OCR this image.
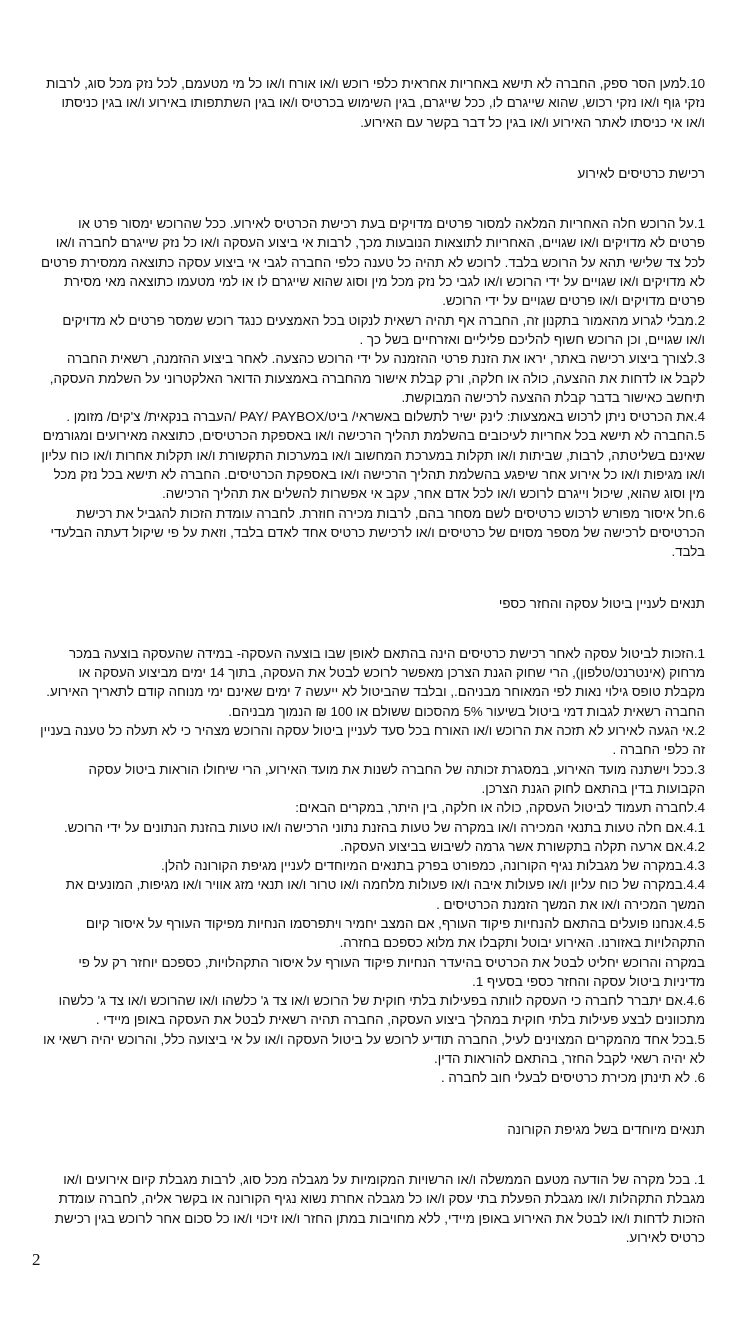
10.למען הסר ספק, החברה לא תישא באחריות אחראית כלפי רוכש ו/או אורח ו/או כל מי מטעמם, לכל נזק מכל סוג, לרבות נזקי גוף ו/או נזקי רכוש, שהוא שייגרם לו, ככל שייגרם, בגין השימוש בכרטיס ו/או בגין השתתפותו באירוע ו/או בגין כניסתו ו/או אי כניסתו לאתר האירוע ו/או בגין כל דבר בקשר עם האירוע.

רכישת כרטיסים לאירוע

1.על הרוכש חלה האחריות המלאה למסור פרטים מדויקים בעת רכישת הכרטיס לאירוע. ככל שהרוכש ימסור פרט או פרטים לא מדויקים ו/או שגויים, האחריות לתוצאות הנובעות מכך, לרבות אי ביצוע העסקה ו/או כל נזק שייגרם לחברה ו/או לכל צד שלישי תהא על הרוכש בלבד. לרוכש לא תהיה כל טענה כלפי החברה לגבי אי ביצוע עסקה כתוצאה ממסירת פרטים לא מדויקים ו/או שגויים על ידי הרוכש ו/או לגבי כל נזק מכל מין וסוג שהוא שייגרם לו או למי מטעמו כתוצאה מאי מסירת פרטים מדויקים ו/או פרטים שגויים על ידי הרוכש.

2.מבלי לגרוע מהאמור בתקנון זה, החברה אף תהיה רשאית לנקוט בכל האמצעים כנגד רוכש שמסר פרטים לא מדויקים ו/או שגויים, וכן הרוכש חשוף להליכם פליליים ואזרחיים בשל כך .

3.לצורך ביצוע רכישה באתר, יראו את הזנת פרטי ההזמנה על ידי הרוכש כהצעה. לאחר ביצוע ההזמנה, רשאית החברה לקבל או לדחות את ההצעה, כולה או חלקה, ורק קבלת אישור מהחברה באמצעות הדואר האלקטרוני על השלמת העסקה, תיחשב כאישור בדבר קבלת ההצעה לרכישה המבוקשת.

4.את הכרטיס ניתן לרכוש באמצעות: לינק ישיר לתשלום באשראי/ ביט/PAY/ PAYBOX /העברה בנקאית/ צ'קים/ מזומן .

5.החברה לא תישא בכל אחריות לעיכובים בהשלמת תהליך הרכישה ו/או באספקת הכרטיסים, כתוצאה מאירועים ומגורמים שאינם בשליטתה, לרבות, שביתות ו/או תקלות במערכת המחשוב ו/או במערכות התקשורת ו/או תקלות אחרות ו/או כוח עליון ו/או מגיפות ו/או כל אירוע אחר שיפגע בהשלמת תהליך הרכישה ו/או באספקת הכרטיסים. החברה לא תישא בכל נזק מכל מין וסוג שהוא, שיכול וייגרם לרוכש ו/או לכל אדם אחר, עקב אי אפשרות להשלים את תהליך הרכישה.

6.חל איסור מפורש לרכוש כרטיסים לשם מסחר בהם, לרבות מכירה חוזרת. לחברה עומדת הזכות להגביל את רכישת הכרטיסים לרכישה של מספר מסוים של כרטיסים ו/או לרכישת כרטיס אחד לאדם בלבד, וזאת על פי שיקול דעתה הבלעדי בלבד.

תנאים לעניין ביטול עסקה והחזר כספי

1.הזכות לביטול עסקה לאחר רכישת כרטיסים הינה בהתאם לאופן שבו בוצעה העסקה- במידה שהעסקה בוצעה במכר מרחוק (אינטרנט/טלפון), הרי שחוק הגנת הצרכן מאפשר לרוכש לבטל את העסקה, בתוך 14 ימים מביצוע העסקה או מקבלת טופס גילוי נאות לפי המאוחר מבניהם., ובלבד שהביטול לא ייעשה 7 ימים שאינם ימי מנוחה קודם לתאריך האירוע. החברה רשאית לגבות דמי ביטול בשיעור 5% מהסכום ששולם או 100 ₪ הנמוך מבניהם.

2.אי הגעה לאירוע לא תזכה את הרוכש ו/או האורח בכל סעד לעניין ביטול עסקה והרוכש מצהיר כי לא תעלה כל טענה בעניין זה כלפי החברה .

3.ככל וישתנה מועד האירוע, במסגרת זכותה של החברה לשנות את מועד האירוע, הרי שיחולו הוראות ביטול עסקה הקבועות בדין בהתאם לחוק הגנת הצרכן.

4.לחברה תעמוד לביטול העסקה, כולה או חלקה, בין היתר, במקרים הבאים:

4.1.אם חלה טעות בתנאי המכירה ו/או במקרה של טעות בהזנת נתוני הרכישה ו/או טעות בהזנת הנתונים על ידי הרוכש.

4.2.אם ארעה תקלה בתקשורת אשר גרמה לשיבוש בביצוע העסקה.

4.3.במקרה של מגבלות נגיף הקורונה, כמפורט בפרק בתנאים המיוחדים לעניין מגיפת הקורונה להלן.

4.4.במקרה של כוח עליון ו/או פעולות איבה ו/או פעולות מלחמה ו/או טרור ו/או תנאי מזג אוויר ו/או מגיפות, המונעים את המשך המכירה ו/או את המשך הזמנת הכרטיסים .

4.5.אנחנו פועלים בהתאם להנחיות פיקוד העורף, אם המצב יחמיר ויתפרסמו הנחיות מפיקוד העורף על איסור קיום התקהלויות באזורנו. האירוע יבוטל ותקבלו את מלוא כספכם בחזרה.

במקרה והרוכש יחליט לבטל את הכרטיס בהיעדר הנחיות פיקוד העורף על איסור התקהלויות, כספכם יוחזר רק על פי מדיניות ביטול עסקה והחזר כספי בסעיף 1.

4.6.אם יתברר לחברה כי העסקה לוותה בפעילות בלתי חוקית של הרוכש ו/או צד ג' כלשהו ו/או שהרוכש ו/או צד ג' כלשהו מתכוונים לבצע פעילות בלתי חוקית במהלך ביצוע העסקה, החברה תהיה רשאית לבטל את העסקה באופן מיידי .

5.בכל אחד מהמקרים המצוינים לעיל, החברה תודיע לרוכש על ביטול העסקה ו/או על אי ביצועה כלל, והרוכש יהיה רשאי או לא יהיה רשאי לקבל החזר, בהתאם להוראות הדין.

6. לא תינתן מכירת כרטיסים לבעלי חוב לחברה .

תנאים מיוחדים בשל מגיפת הקורונה

1. בכל מקרה של הודעה מטעם הממשלה ו/או הרשויות המקומיות על מגבלה מכל סוג, לרבות מגבלת קיום אירועים ו/או מגבלת התקהלות ו/או מגבלת הפעלת בתי עסק ו/או כל מגבלה אחרת נשוא נגיף הקורונה או בקשר אליה, לחברה עומדת הזכות לדחות ו/או לבטל את האירוע באופן מיידי, ללא מחויבות במתן החזר ו/או זיכוי ו/או כל סכום אחר לרוכש בגין רכישת כרטיס לאירוע.

2
